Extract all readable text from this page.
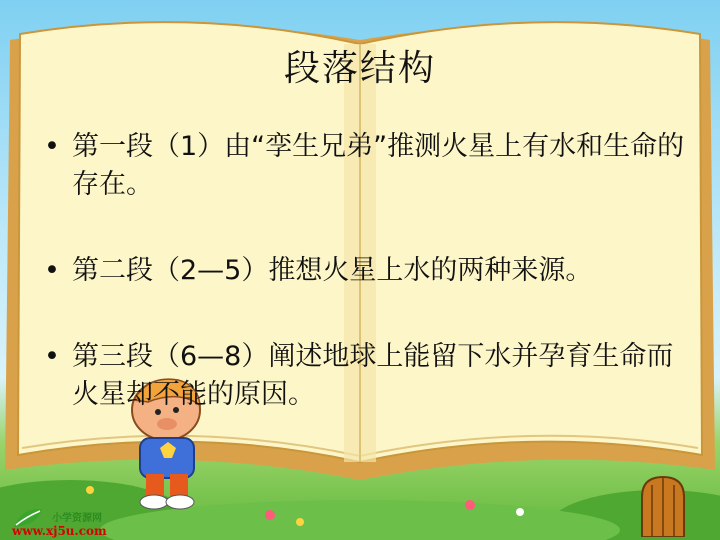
段落结构
• 第一段（1）由“孪生兄弟”推测火星上有水和生命的存在。
• 第二段（2—5）推想火星上水的两种来源。
• 第三段（6—8）阐述地球上能留下水并孕育生命而火星却不能的原因。
小学资源网
www.xj5u.com
